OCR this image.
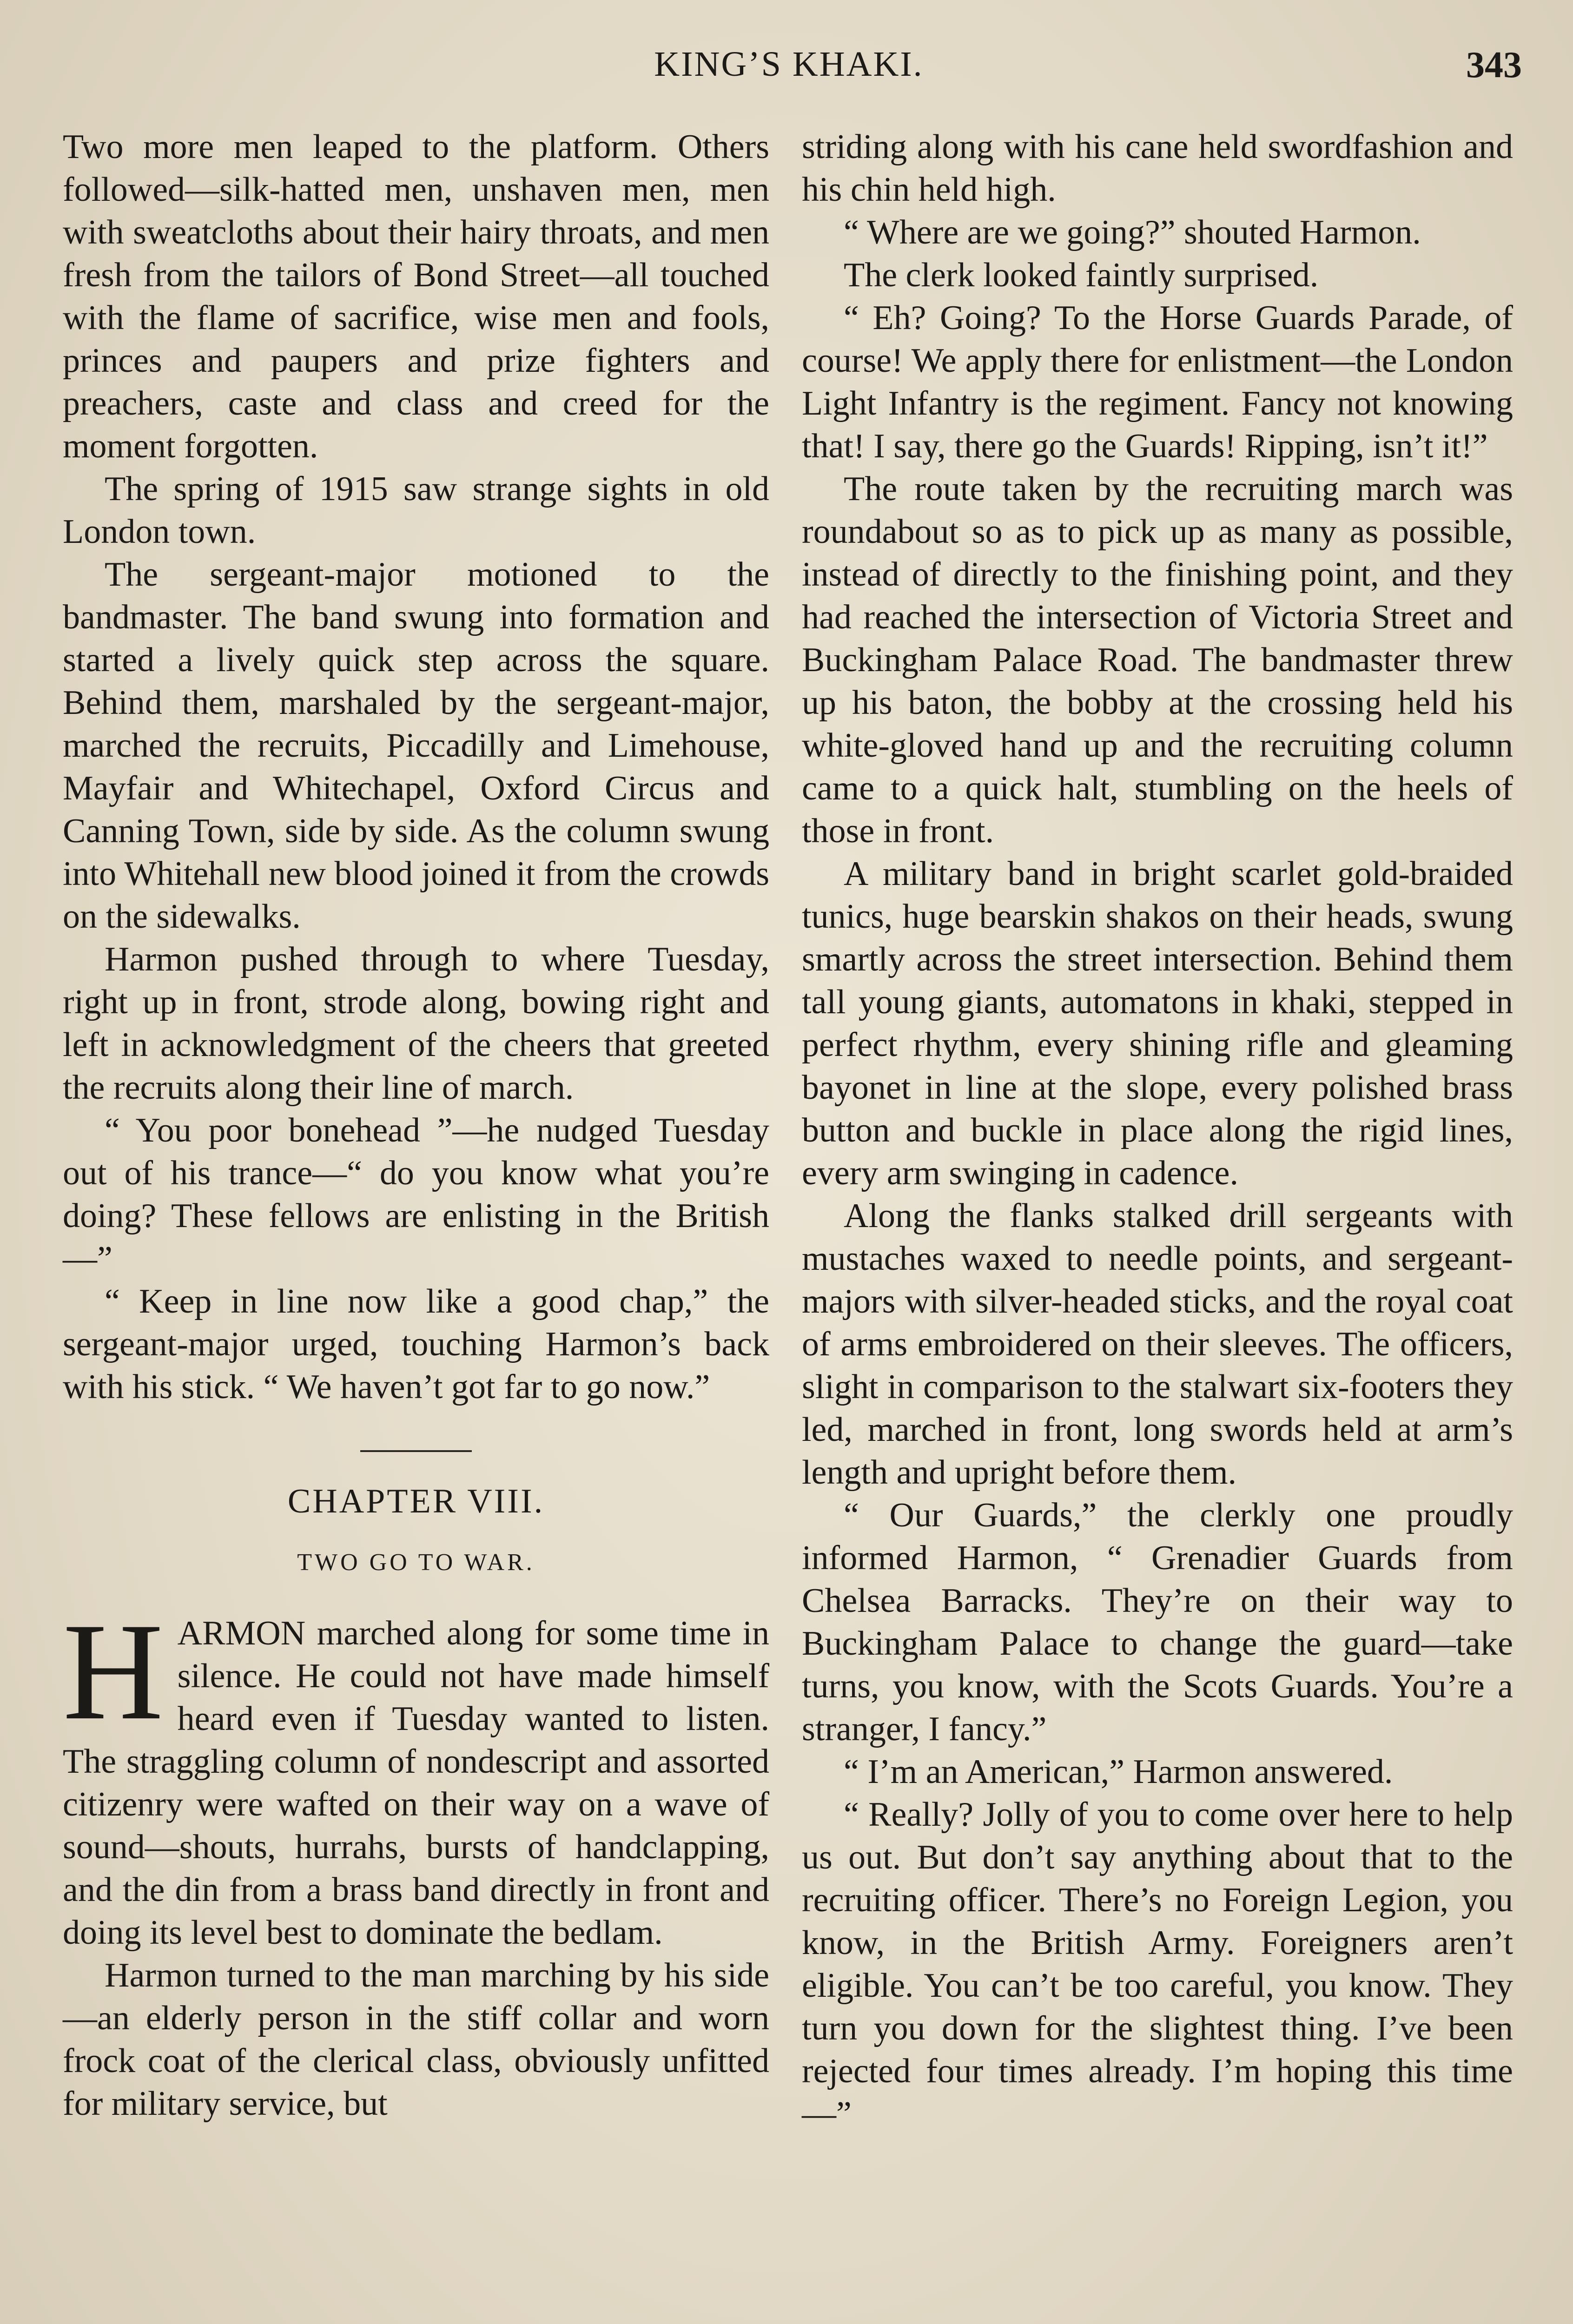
KING’S KHAKI.	343

Two more men leaped to the platform. Others followed—silk-hatted men, unshaven men, men with sweatcloths about their hairy throats, and men fresh from the tailors of Bond Street—all touched with the flame of sacrifice, wise men and fools, princes and paupers and prize fighters and preachers, caste and class and creed for the moment forgotten.

The spring of 1915 saw strange sights in old London town.

The sergeant-major motioned to the bandmaster. The band swung into formation and started a lively quick step across the square. Behind them, marshaled by the sergeant-major, marched the recruits, Piccadilly and Limehouse, Mayfair and Whitechapel, Oxford Circus and Canning Town, side by side. As the column swung into Whitehall new blood joined it from the crowds on the sidewalks.

Harmon pushed through to where Tuesday, right up in front, strode along, bowing right and left in acknowledgment of the cheers that greeted the recruits along their line of march.

“ You poor bonehead ”—he nudged Tuesday out of his trance—“ do you know what you’re doing? These fellows are enlisting in the British—”

“ Keep in line now like a good chap,” the sergeant-major urged, touching Harmon’s back with his stick. “ We haven’t got far to go now.”

CHAPTER VIII.
TWO GO TO WAR.

HARMON marched along for some time in silence. He could not have made himself heard even if Tuesday wanted to listen. The straggling column of nondescript and assorted citizenry were wafted on their way on a wave of sound—shouts, hurrahs, bursts of handclapping, and the din from a brass band directly in front and doing its level best to dominate the bedlam.

Harmon turned to the man marching by his side—an elderly person in the stiff collar and worn frock coat of the clerical class, obviously unfitted for military service, but

striding along with his cane held swordfashion and his chin held high.

“ Where are we going?” shouted Harmon.

The clerk looked faintly surprised.

“ Eh? Going? To the Horse Guards Parade, of course! We apply there for enlistment—the London Light Infantry is the regiment. Fancy not knowing that! I say, there go the Guards! Ripping, isn’t it!”

The route taken by the recruiting march was roundabout so as to pick up as many as possible, instead of directly to the finishing point, and they had reached the intersection of Victoria Street and Buckingham Palace Road. The bandmaster threw up his baton, the bobby at the crossing held his white-gloved hand up and the recruiting column came to a quick halt, stumbling on the heels of those in front.

A military band in bright scarlet gold-braided tunics, huge bearskin shakos on their heads, swung smartly across the street intersection. Behind them tall young giants, automatons in khaki, stepped in perfect rhythm, every shining rifle and gleaming bayonet in line at the slope, every polished brass button and buckle in place along the rigid lines, every arm swinging in cadence.

Along the flanks stalked drill sergeants with mustaches waxed to needle points, and sergeant-majors with silver-headed sticks, and the royal coat of arms embroidered on their sleeves. The officers, slight in comparison to the stalwart six-footers they led, marched in front, long swords held at arm’s length and upright before them.

“ Our Guards,” the clerkly one proudly informed Harmon, “ Grenadier Guards from Chelsea Barracks. They’re on their way to Buckingham Palace to change the guard—take turns, you know, with the Scots Guards. You’re a stranger, I fancy.”

“ I’m an American,” Harmon answered.

“ Really? Jolly of you to come over here to help us out. But don’t say anything about that to the recruiting officer. There’s no Foreign Legion, you know, in the British Army. Foreigners aren’t eligible. You can’t be too careful, you know. They turn you down for the slightest thing. I’ve been rejected four times already. I’m hoping this time—”
